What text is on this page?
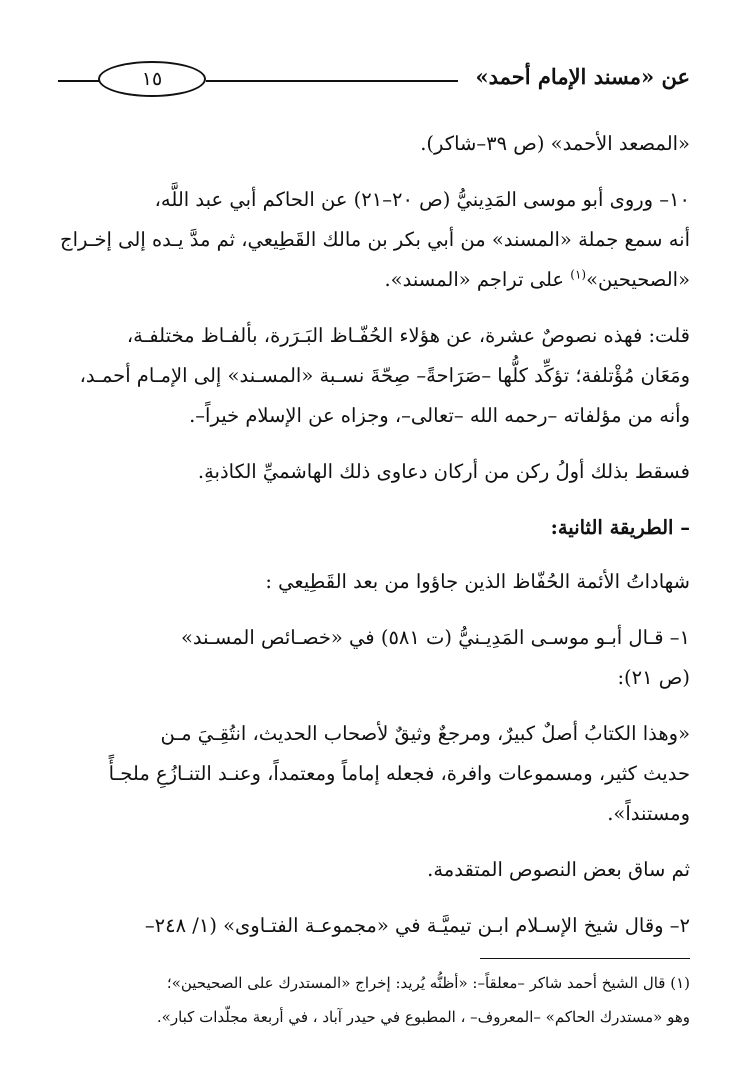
عن «مسند الإمام أحمد»
١٥

«المصعد الأحمد» (ص ٣٩–شاكر).

١٠– وروى أبو موسى المَدِينيُّ (ص ٢٠–٢١) عن الحاكم أبي عبد اللَّه،
أنه سمع جملة «المسند» من أبي بكر بن مالك القَطِيعي، ثم مدَّ يـده إلى إخـراج
«الصحيحين»$^{(١)}$ على تراجم «المسند».

قلت: فهذه نصوصٌ عشرة، عن هؤلاء الحُفّـاظ البَـرَرة، بألفـاظ مختلفـة،
ومَعَان مُؤْتلفة؛ تؤكِّد كلُّها –صَرَاحةً– صِحّةَ نسـبة «المسـند» إلى الإمـام أحمـد،
وأنه من مؤلفاته –رحمه الله –تعالى–، وجزاه عن الإسلام خيراً–.

فسقط بذلك أولُ ركن من أركان دعاوى ذلك الهاشميِّ الكاذبةِ.

– الطريقة الثانية:

شهاداتُ الأئمة الحُفّاظ الذين جاؤوا من بعد القَطِيعي :

١– قـال أبـو موسـى المَدِيـنيُّ (ت ٥٨١) في «خصـائص المسـند»
(ص ٢١):

«وهذا الكتابُ أصلٌ كبيرٌ، ومرجعٌ وثيقٌ لأصحاب الحديث، انتُقِـيَ مـن
حديث كثير، ومسموعات وافرة، فجعله إماماً ومعتمداً، وعنـد التنـازُعِ ملجـأً
ومستنداً».

ثم ساق بعض النصوص المتقدمة.

٢– وقال شيخ الإسـلام ابـن تيميَّـة في «مجموعـة الفتـاوى» (١/ ٢٤٨–

(١) قال الشيخ أحمد شاكر –معلقاً–: «أظنُّه يُريد: إخراج «المستدرك على الصحيحين»؛

وهو «مستدرك الحاكم» –المعروف– ، المطبوع في حيدر آباد ، في أربعة مجلّدات كبار».
